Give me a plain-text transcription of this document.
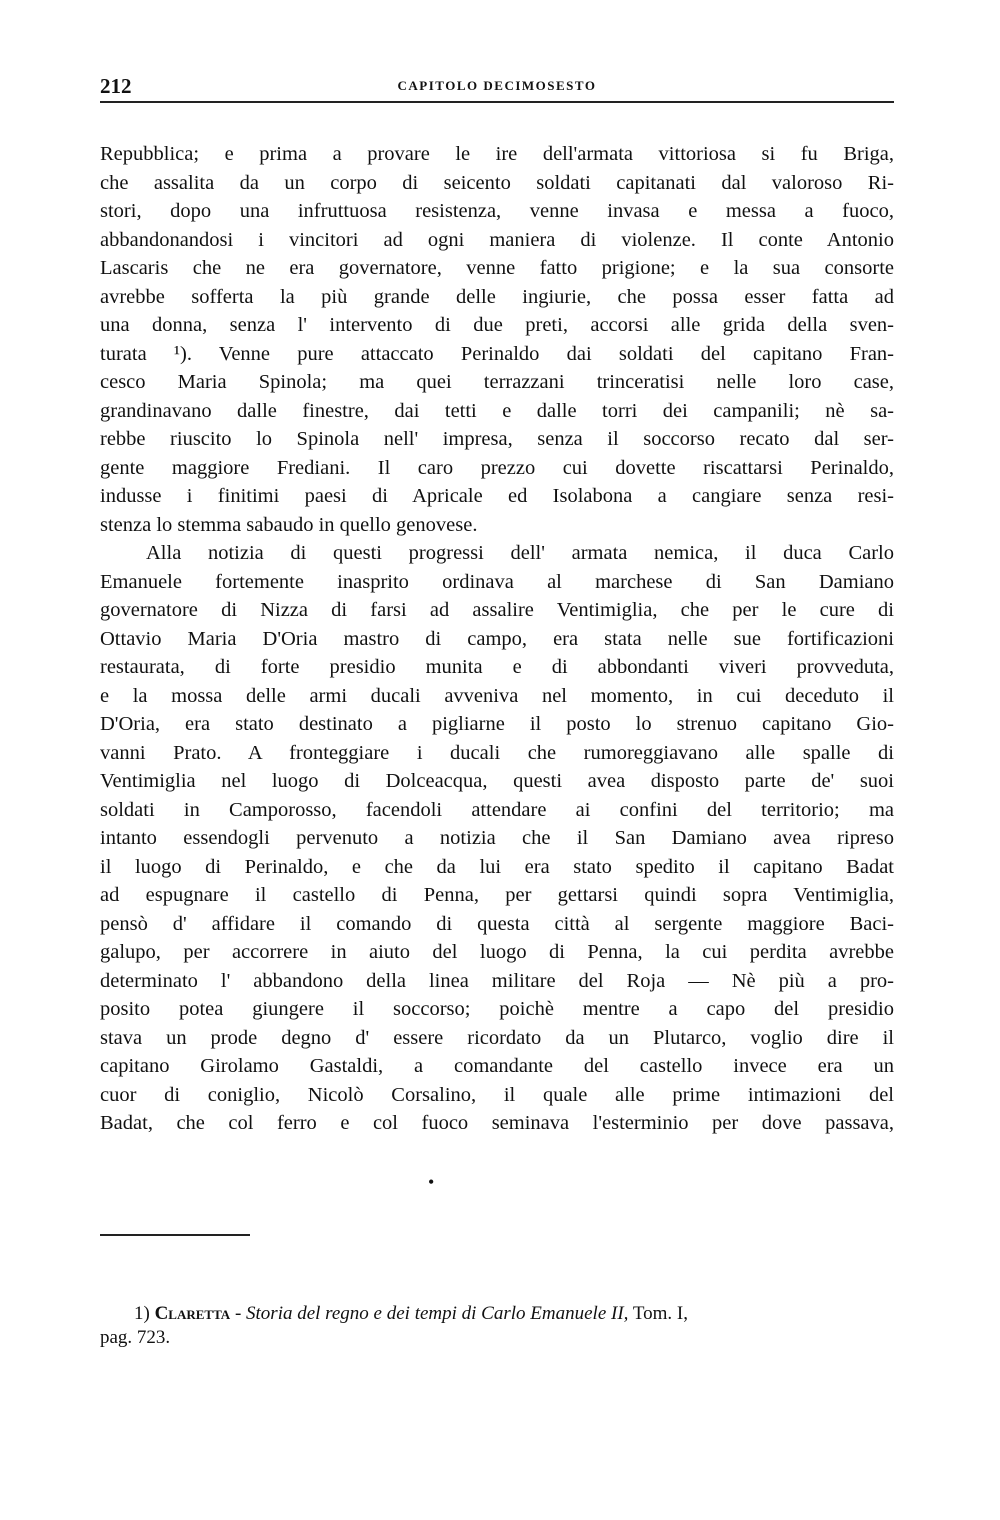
212	CAPITOLO DECIMOSESTO
Repubblica; e prima a provare le ire dell'armata vittoriosa si fu Briga,
che assalita da un corpo di seicento soldati capitanati dal valoroso Ri-
stori, dopo una infruttuosa resistenza, venne invasa e messa a fuoco,
abbandonandosi i vincitori ad ogni maniera di violenze. Il conte Antonio
Lascaris che ne era governatore, venne fatto prigione; e la sua consorte
avrebbe sofferta la più grande delle ingiurie, che possa esser fatta ad
una donna, senza l' intervento di due preti, accorsi alle grida della sven-
turata ¹). Venne pure attaccato Perinaldo dai soldati del capitano Fran-
cesco Maria Spinola; ma quei terrazzani trinceratisi nelle loro case,
grandinavano dalle finestre, dai tetti e dalle torri dei campanili; nè sa-
rebbe riuscito lo Spinola nell' impresa, senza il soccorso recato dal ser-
gente maggiore Frediani. Il caro prezzo cui dovette riscattarsi Perinaldo,
indusse i finitimi paesi di Apricale ed Isolabona a cangiare senza resi-
stenza lo stemma sabaudo in quello genovese.
Alla notizia di questi progressi dell' armata nemica, il duca Carlo
Emanuele fortemente inasprito ordinava al marchese di San Damiano
governatore di Nizza di farsi ad assalire Ventimiglia, che per le cure di
Ottavio Maria D'Oria mastro di campo, era stata nelle sue fortificazioni
restaurata, di forte presidio munita e di abbondanti viveri provveduta,
e la mossa delle armi ducali avveniva nel momento, in cui deceduto il
D'Oria, era stato destinato a pigliarne il posto lo strenuo capitano Gio-
vanni Prato. A fronteggiare i ducali che rumoreggiavano alle spalle di
Ventimiglia nel luogo di Dolceacqua, questi avea disposto parte de' suoi
soldati in Camporosso, facendoli attendare ai confini del territorio; ma
intanto essendogli pervenuto a notizia che il San Damiano avea ripreso
il luogo di Perinaldo, e che da lui era stato spedito il capitano Badat
ad espugnare il castello di Penna, per gettarsi quindi sopra Ventimiglia,
pensò d' affidare il comando di questa città al sergente maggiore Baci-
galupo, per accorrere in aiuto del luogo di Penna, la cui perdita avrebbe
determinato l' abbandono della linea militare del Roja — Nè più a pro-
posito potea giungere il soccorso; poichè mentre a capo del presidio
stava un prode degno d' essere ricordato da un Plutarco, voglio dire il
capitano Girolamo Gastaldi, a comandante del castello invece era un
cuor di coniglio, Nicolò Corsalino, il quale alle prime intimazioni del
Badat, che col ferro e col fuoco seminava l'esterminio per dove passava,
•
1) Claretta - Storia del regno e dei tempi di Carlo Emanuele II, Tom. I,
pag. 723.
